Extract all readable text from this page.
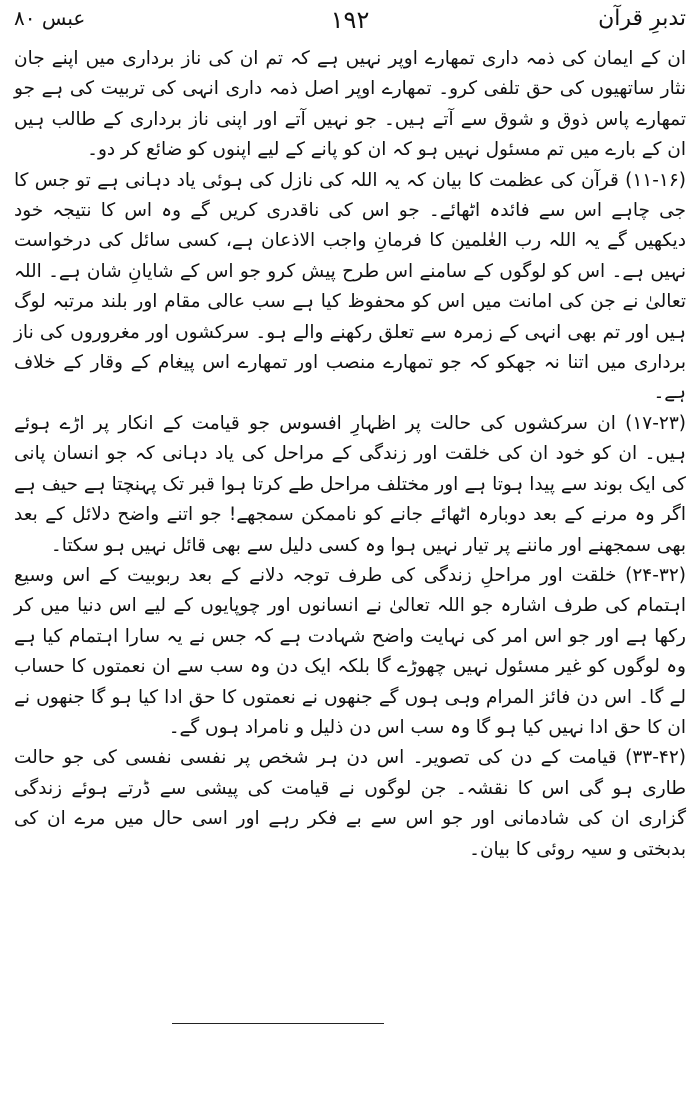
تدبرِ قرآن
۱۹۲
عبس ۸۰

ان کے ایمان کی ذمہ داری تمھارے اوپر نہیں ہے کہ تم ان کی ناز برداری میں اپنے جان نثار ساتھیوں کی حق تلفی کرو۔ تمھارے اوپر اصل ذمہ داری انہی کی تربیت کی ہے جو تمھارے پاس ذوق و شوق سے آتے ہیں۔ جو نہیں آتے اور اپنی ناز برداری کے طالب ہیں ان کے بارے میں تم مسئول نہیں ہو کہ ان کو پانے کے لیے اپنوں کو ضائع کر دو۔

(۱۱-۱۶) قرآن کی عظمت کا بیان کہ یہ اللہ کی نازل کی ہوئی یاد دہانی ہے تو جس کا جی چاہے اس سے فائدہ اٹھائے۔ جو اس کی ناقدری کریں گے وہ اس کا نتیجہ خود دیکھیں گے یہ اللہ رب العٰلمین کا فرمانِ واجب الاذعان ہے، کسی سائل کی درخواست نہیں ہے۔ اس کو لوگوں کے سامنے اس طرح پیش کرو جو اس کے شایانِ شان ہے۔ اللہ تعالیٰ نے جن کی امانت میں اس کو محفوظ کیا ہے سب عالی مقام اور بلند مرتبہ لوگ ہیں اور تم بھی انہی کے زمرہ سے تعلق رکھنے والے ہو۔ سرکشوں اور مغروروں کی ناز برداری میں اتنا نہ جھکو کہ جو تمھارے منصب اور تمھارے اس پیغام کے وقار کے خلاف ہے۔

(۱۷-۲۳) ان سرکشوں کی حالت پر اظہارِ افسوس جو قیامت کے انکار پر اڑے ہوئے ہیں۔ ان کو خود ان کی خلقت اور زندگی کے مراحل کی یاد دہانی کہ جو انسان پانی کی ایک بوند سے پیدا ہوتا ہے اور مختلف مراحل طے کرتا ہوا قبر تک پہنچتا ہے حیف ہے اگر وہ مرنے کے بعد دوبارہ اٹھائے جانے کو ناممکن سمجھے! جو اتنے واضح دلائل کے بعد بھی سمجھنے اور ماننے پر تیار نہیں ہوا وہ کسی دلیل سے بھی قائل نہیں ہو سکتا۔

(۲۴-۳۲) خلقت اور مراحلِ زندگی کی طرف توجہ دلانے کے بعد ربوبیت کے اس وسیع اہتمام کی طرف اشارہ جو اللہ تعالیٰ نے انسانوں اور چوپایوں کے لیے اس دنیا میں کر رکھا ہے اور جو اس امر کی نہایت واضح شہادت ہے کہ جس نے یہ سارا اہتمام کیا ہے وہ لوگوں کو غیر مسئول نہیں چھوڑے گا بلکہ ایک دن وہ سب سے ان نعمتوں کا حساب لے گا۔ اس دن فائز المرام وہی ہوں گے جنھوں نے نعمتوں کا حق ادا کیا ہو گا جنھوں نے ان کا حق ادا نہیں کیا ہو گا وہ سب اس دن ذلیل و نامراد ہوں گے۔

(۳۳-۴۲) قیامت کے دن کی تصویر۔ اس دن ہر شخص پر نفسی نفسی کی جو حالت طاری ہو گی اس کا نقشہ۔ جن لوگوں نے قیامت کی پیشی سے ڈرتے ہوئے زندگی گزاری ان کی شادمانی اور جو اس سے بے فکر رہے اور اسی حال میں مرے ان کی بدبختی و سیہ روئی کا بیان۔
